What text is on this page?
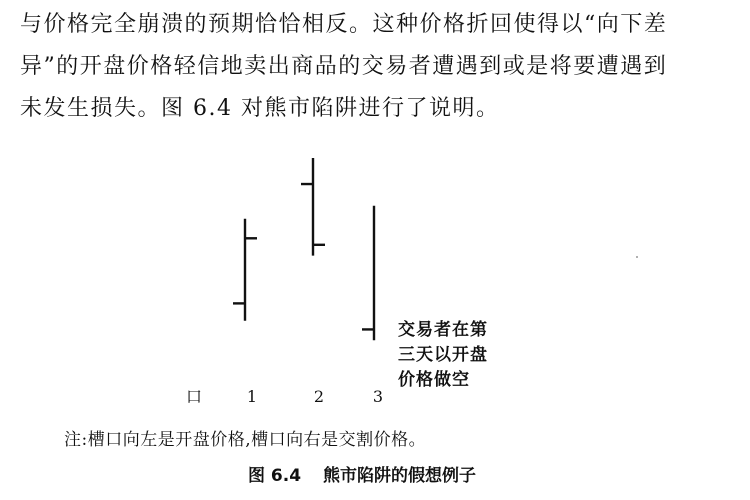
与价格完全崩溃的预期恰恰相反。这种价格折回使得以“向下差
异”的开盘价格轻信地卖出商品的交易者遭遇到或是将要遭遇到
未发生损失。图 6.4 对熊市陷阱进行了说明。
口	1	2	3
交易者在第
三天以开盘
价格做空
注:槽口向左是开盘价格,槽口向右是交割价格。
图 6.4 熊市陷阱的假想例子
